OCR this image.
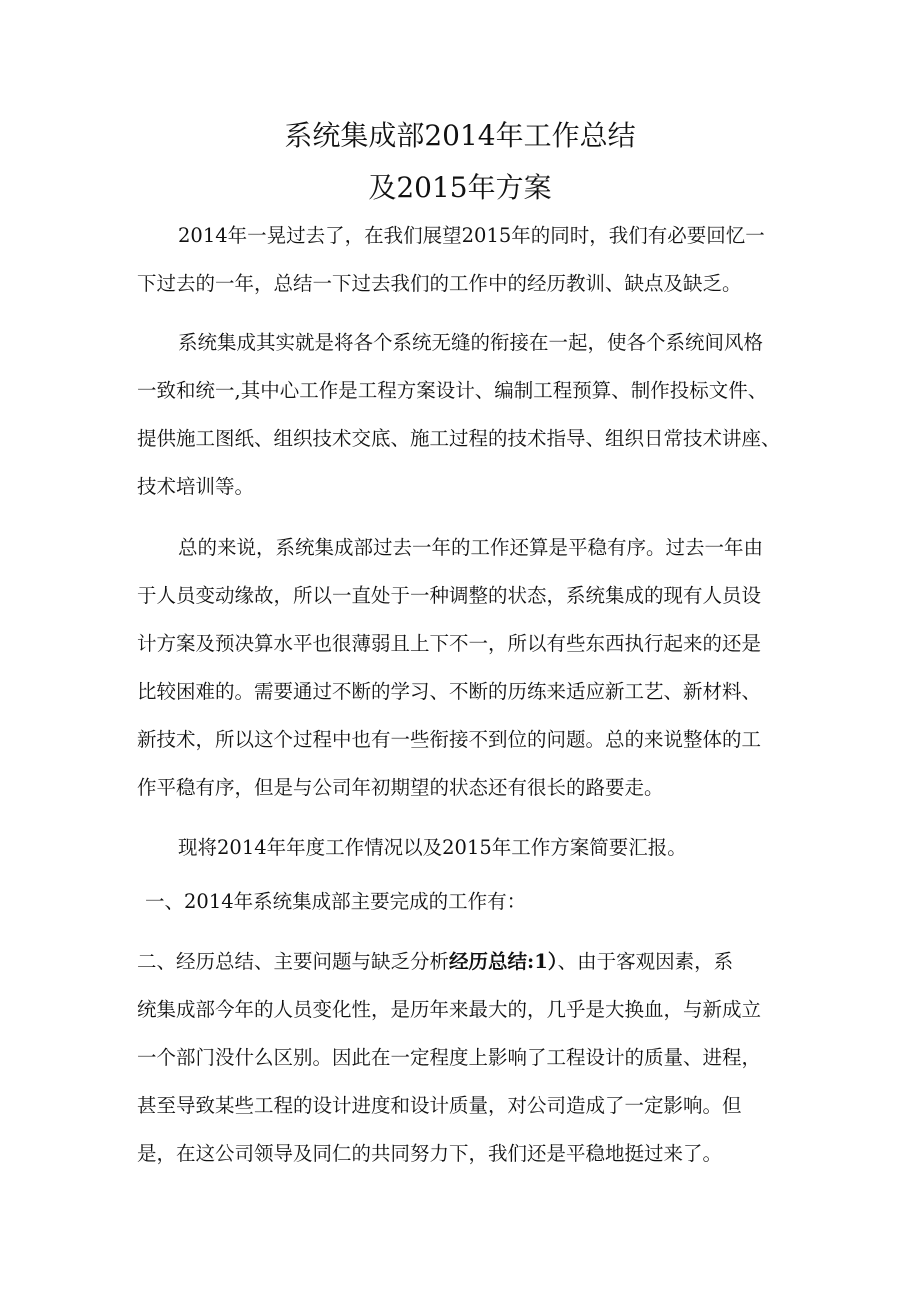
系统集成部2014年工作总结
及2015年方案
2014年一晃过去了，在我们展望2015年的同时，我们有必要回忆一
下过去的一年，总结一下过去我们的工作中的经历教训、缺点及缺乏。
系统集成其实就是将各个系统无缝的衔接在一起，使各个系统间风格
一致和统一,其中心工作是工程方案设计、编制工程预算、制作投标文件、
提供施工图纸、组织技术交底、施工过程的技术指导、组织日常技术讲座、
技术培训等。
总的来说，系统集成部过去一年的工作还算是平稳有序。过去一年由
于人员变动缘故，所以一直处于一种调整的状态，系统集成的现有人员设
计方案及预决算水平也很薄弱且上下不一，所以有些东西执行起来的还是
比较困难的。需要通过不断的学习、不断的历练来适应新工艺、新材料、
新技术，所以这个过程中也有一些衔接不到位的问题。总的来说整体的工
作平稳有序，但是与公司年初期望的状态还有很长的路要走。
现将2014年年度工作情况以及2015年工作方案简要汇报。
一、2014年系统集成部主要完成的工作有：
二、经历总结、主要问题与缺乏分析经历总结:1）、由于客观因素，系
统集成部今年的人员变化性，是历年来最大的，几乎是大换血，与新成立
一个部门没什么区别。因此在一定程度上影响了工程设计的质量、进程，
甚至导致某些工程的设计进度和设计质量，对公司造成了一定影响。但
是，在这公司领导及同仁的共同努力下，我们还是平稳地挺过来了。
